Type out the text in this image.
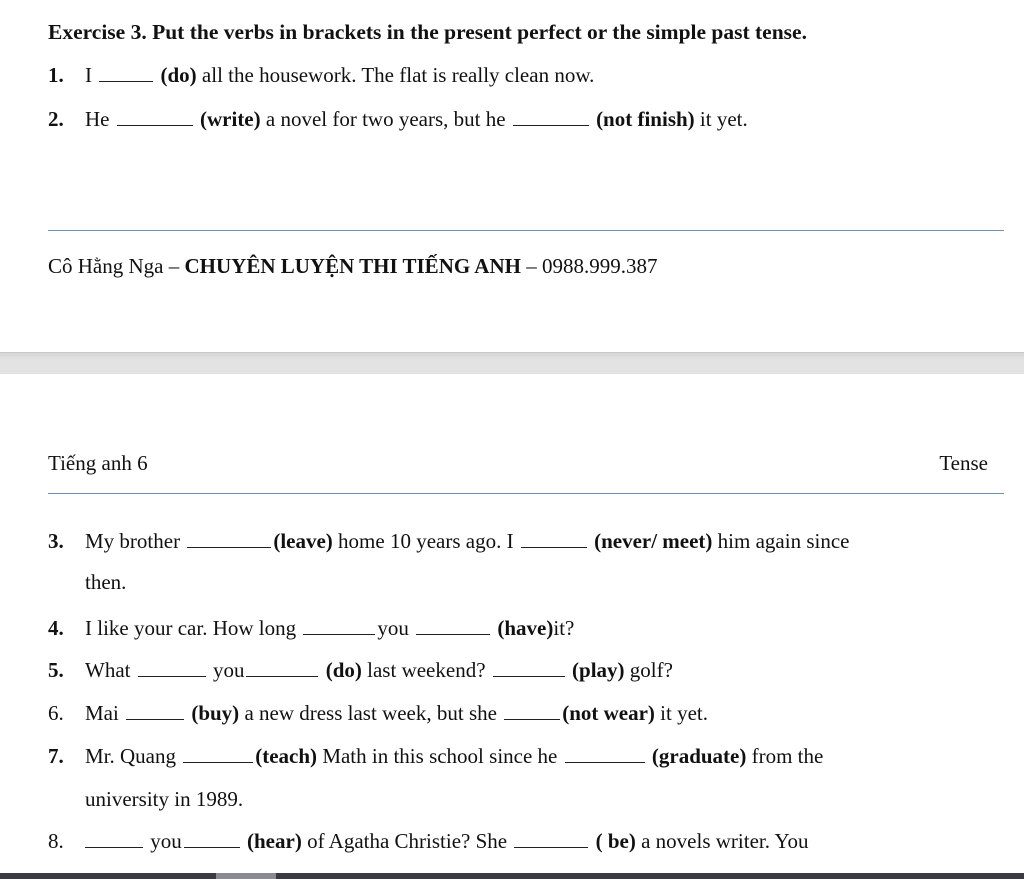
Exercise 3. Put the verbs in brackets in the present perfect or the simple past tense.
1. I	(do) all the housework. The flat is really clean now.
2. He	(write) a novel for two years, but he	(not finish) it yet.
Cô Hằng Nga – CHUYÊN LUYỆN THI TIẾNG ANH – 0988.999.387
Tiếng anh 6	Tense
3. My brother	(leave) home 10 years ago. I	(never/ meet) him again since
then.
4. I like your car. How long	you	(have)it?
5. What	you	(do) last weekend?	(play) golf?
6. Mai	(buy) a new dress last week, but she	(not wear) it yet.
7. Mr. Quang	(teach) Math in this school since he	(graduate) from the
university in 1989.
8.	you	(hear) of Agatha Christie? She	( be) a novels writer. You
